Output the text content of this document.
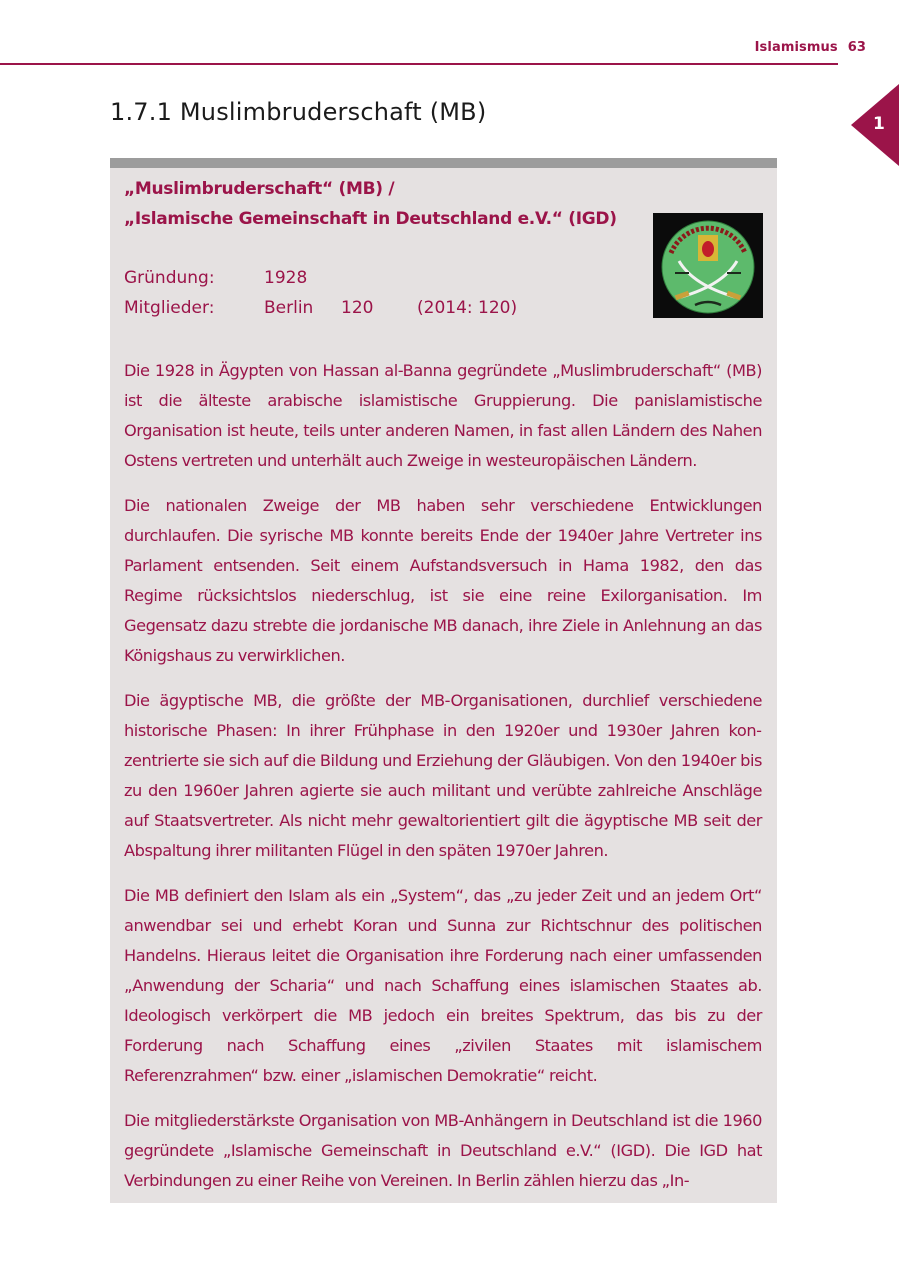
Islamismus 63
1
1.7.1 Muslimbruderschaft (MB)
„Muslimbruderschaft“ (MB) /
„Islamische Gemeinschaft in Deutschland e.V.“ (IGD)
Gründung:	1928
Mitglieder:	Berlin 120	(2014: 120)

Die 1928 in Ägypten von Hassan al-Banna gegründete „Muslimbruderschaft“ (MB) ist die älteste arabische islamistische Gruppierung. Die panislamistische Organisation ist heute, teils unter anderen Namen, in fast allen Ländern des Nahen Ostens vertreten und unterhält auch Zweige in westeuropäischen Ländern.

Die nationalen Zweige der MB haben sehr verschiedene Entwicklungen durchlaufen. Die syrische MB konnte bereits Ende der 1940er Jahre Vertreter ins Parlament entsenden. Seit einem Aufstandsversuch in Hama 1982, den das Regime rücksichtslos niederschlug, ist sie eine reine Exilorganisation. Im Gegensatz dazu strebte die jordanische MB danach, ihre Ziele in Anlehnung an das Königshaus zu verwirklichen.

Die ägyptische MB, die größte der MB-Organisationen, durchlief verschiedene historische Phasen: In ihrer Frühphase in den 1920er und 1930er Jahren konzentrierte sie sich auf die Bildung und Erziehung der Gläubigen. Von den 1940er bis zu den 1960er Jahren agierte sie auch militant und verübte zahlreiche Anschläge auf Staatsvertreter. Als nicht mehr gewaltorientiert gilt die ägyptische MB seit der Abspaltung ihrer militanten Flügel in den späten 1970er Jahren.

Die MB definiert den Islam als ein „System“, das „zu jeder Zeit und an jedem Ort“ anwendbar sei und erhebt Koran und Sunna zur Richtschnur des politischen Handelns. Hieraus leitet die Organisation ihre Forderung nach einer umfassenden „Anwendung der Scharia“ und nach Schaffung eines islamischen Staates ab. Ideologisch verkörpert die MB jedoch ein breites Spektrum, das bis zu der Forderung nach Schaffung eines „zivilen Staates mit islamischem Referenzrahmen“ bzw. einer „islamischen Demokratie“ reicht.

Die mitgliederstärkste Organisation von MB-Anhängern in Deutschland ist die 1960 gegründete „Islamische Gemeinschaft in Deutschland e.V.“ (IGD). Die IGD hat Verbindungen zu einer Reihe von Vereinen. In Berlin zählen hierzu das „In-
